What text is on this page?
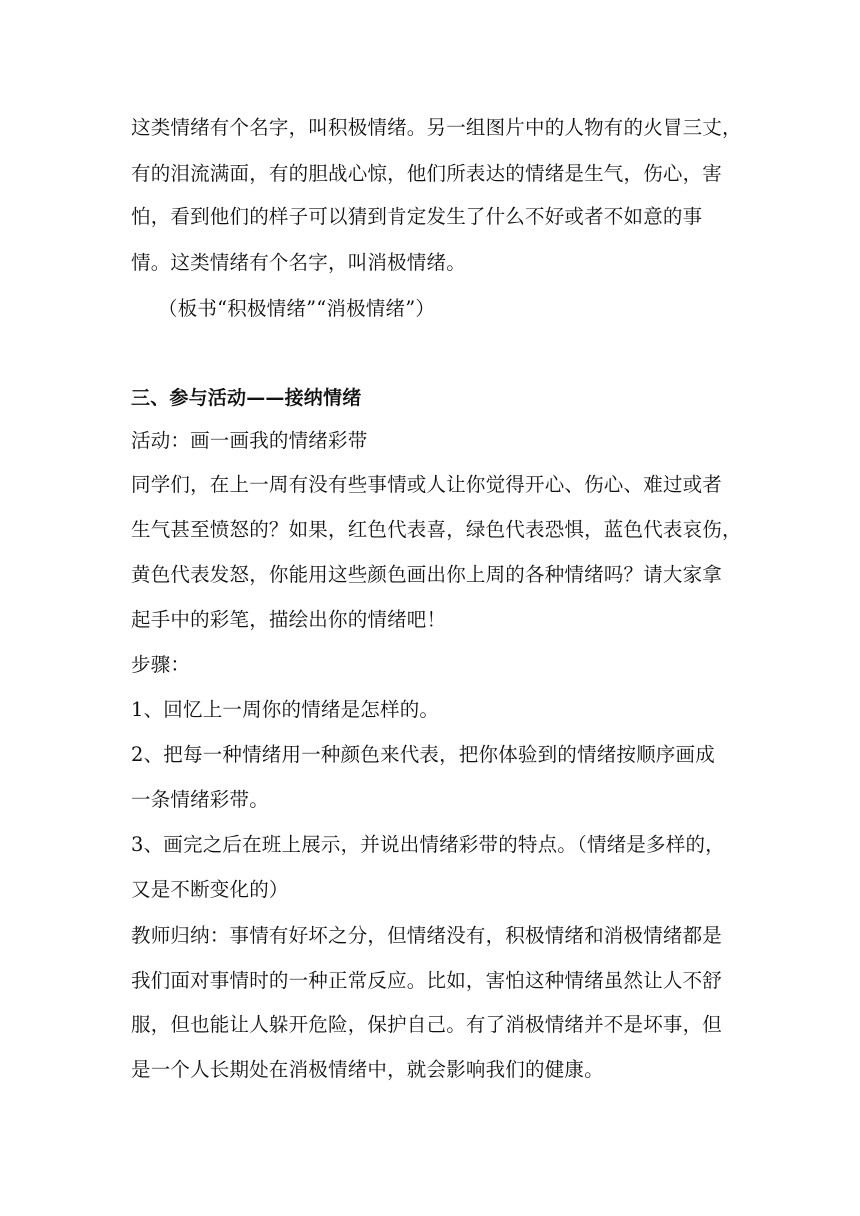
这类情绪有个名字，叫积极情绪。另一组图片中的人物有的火冒三丈，
有的泪流满面，有的胆战心惊，他们所表达的情绪是生气，伤心，害
怕，看到他们的样子可以猜到肯定发生了什么不好或者不如意的事
情。这类情绪有个名字，叫消极情绪。
（板书“积极情绪”“消极情绪”）
三、参与活动——接纳情绪
活动：画一画我的情绪彩带
同学们，在上一周有没有些事情或人让你觉得开心、伤心、难过或者
生气甚至愤怒的？如果，红色代表喜，绿色代表恐惧，蓝色代表哀伤，
黄色代表发怒，你能用这些颜色画出你上周的各种情绪吗？请大家拿
起手中的彩笔，描绘出你的情绪吧！
步骤：
1、回忆上一周你的情绪是怎样的。
2、把每一种情绪用一种颜色来代表，把你体验到的情绪按顺序画成
一条情绪彩带。
3、画完之后在班上展示，并说出情绪彩带的特点。（情绪是多样的，
又是不断变化的）
教师归纳：事情有好坏之分，但情绪没有，积极情绪和消极情绪都是
我们面对事情时的一种正常反应。比如，害怕这种情绪虽然让人不舒
服，但也能让人躲开危险，保护自己。有了消极情绪并不是坏事，但
是一个人长期处在消极情绪中，就会影响我们的健康。
